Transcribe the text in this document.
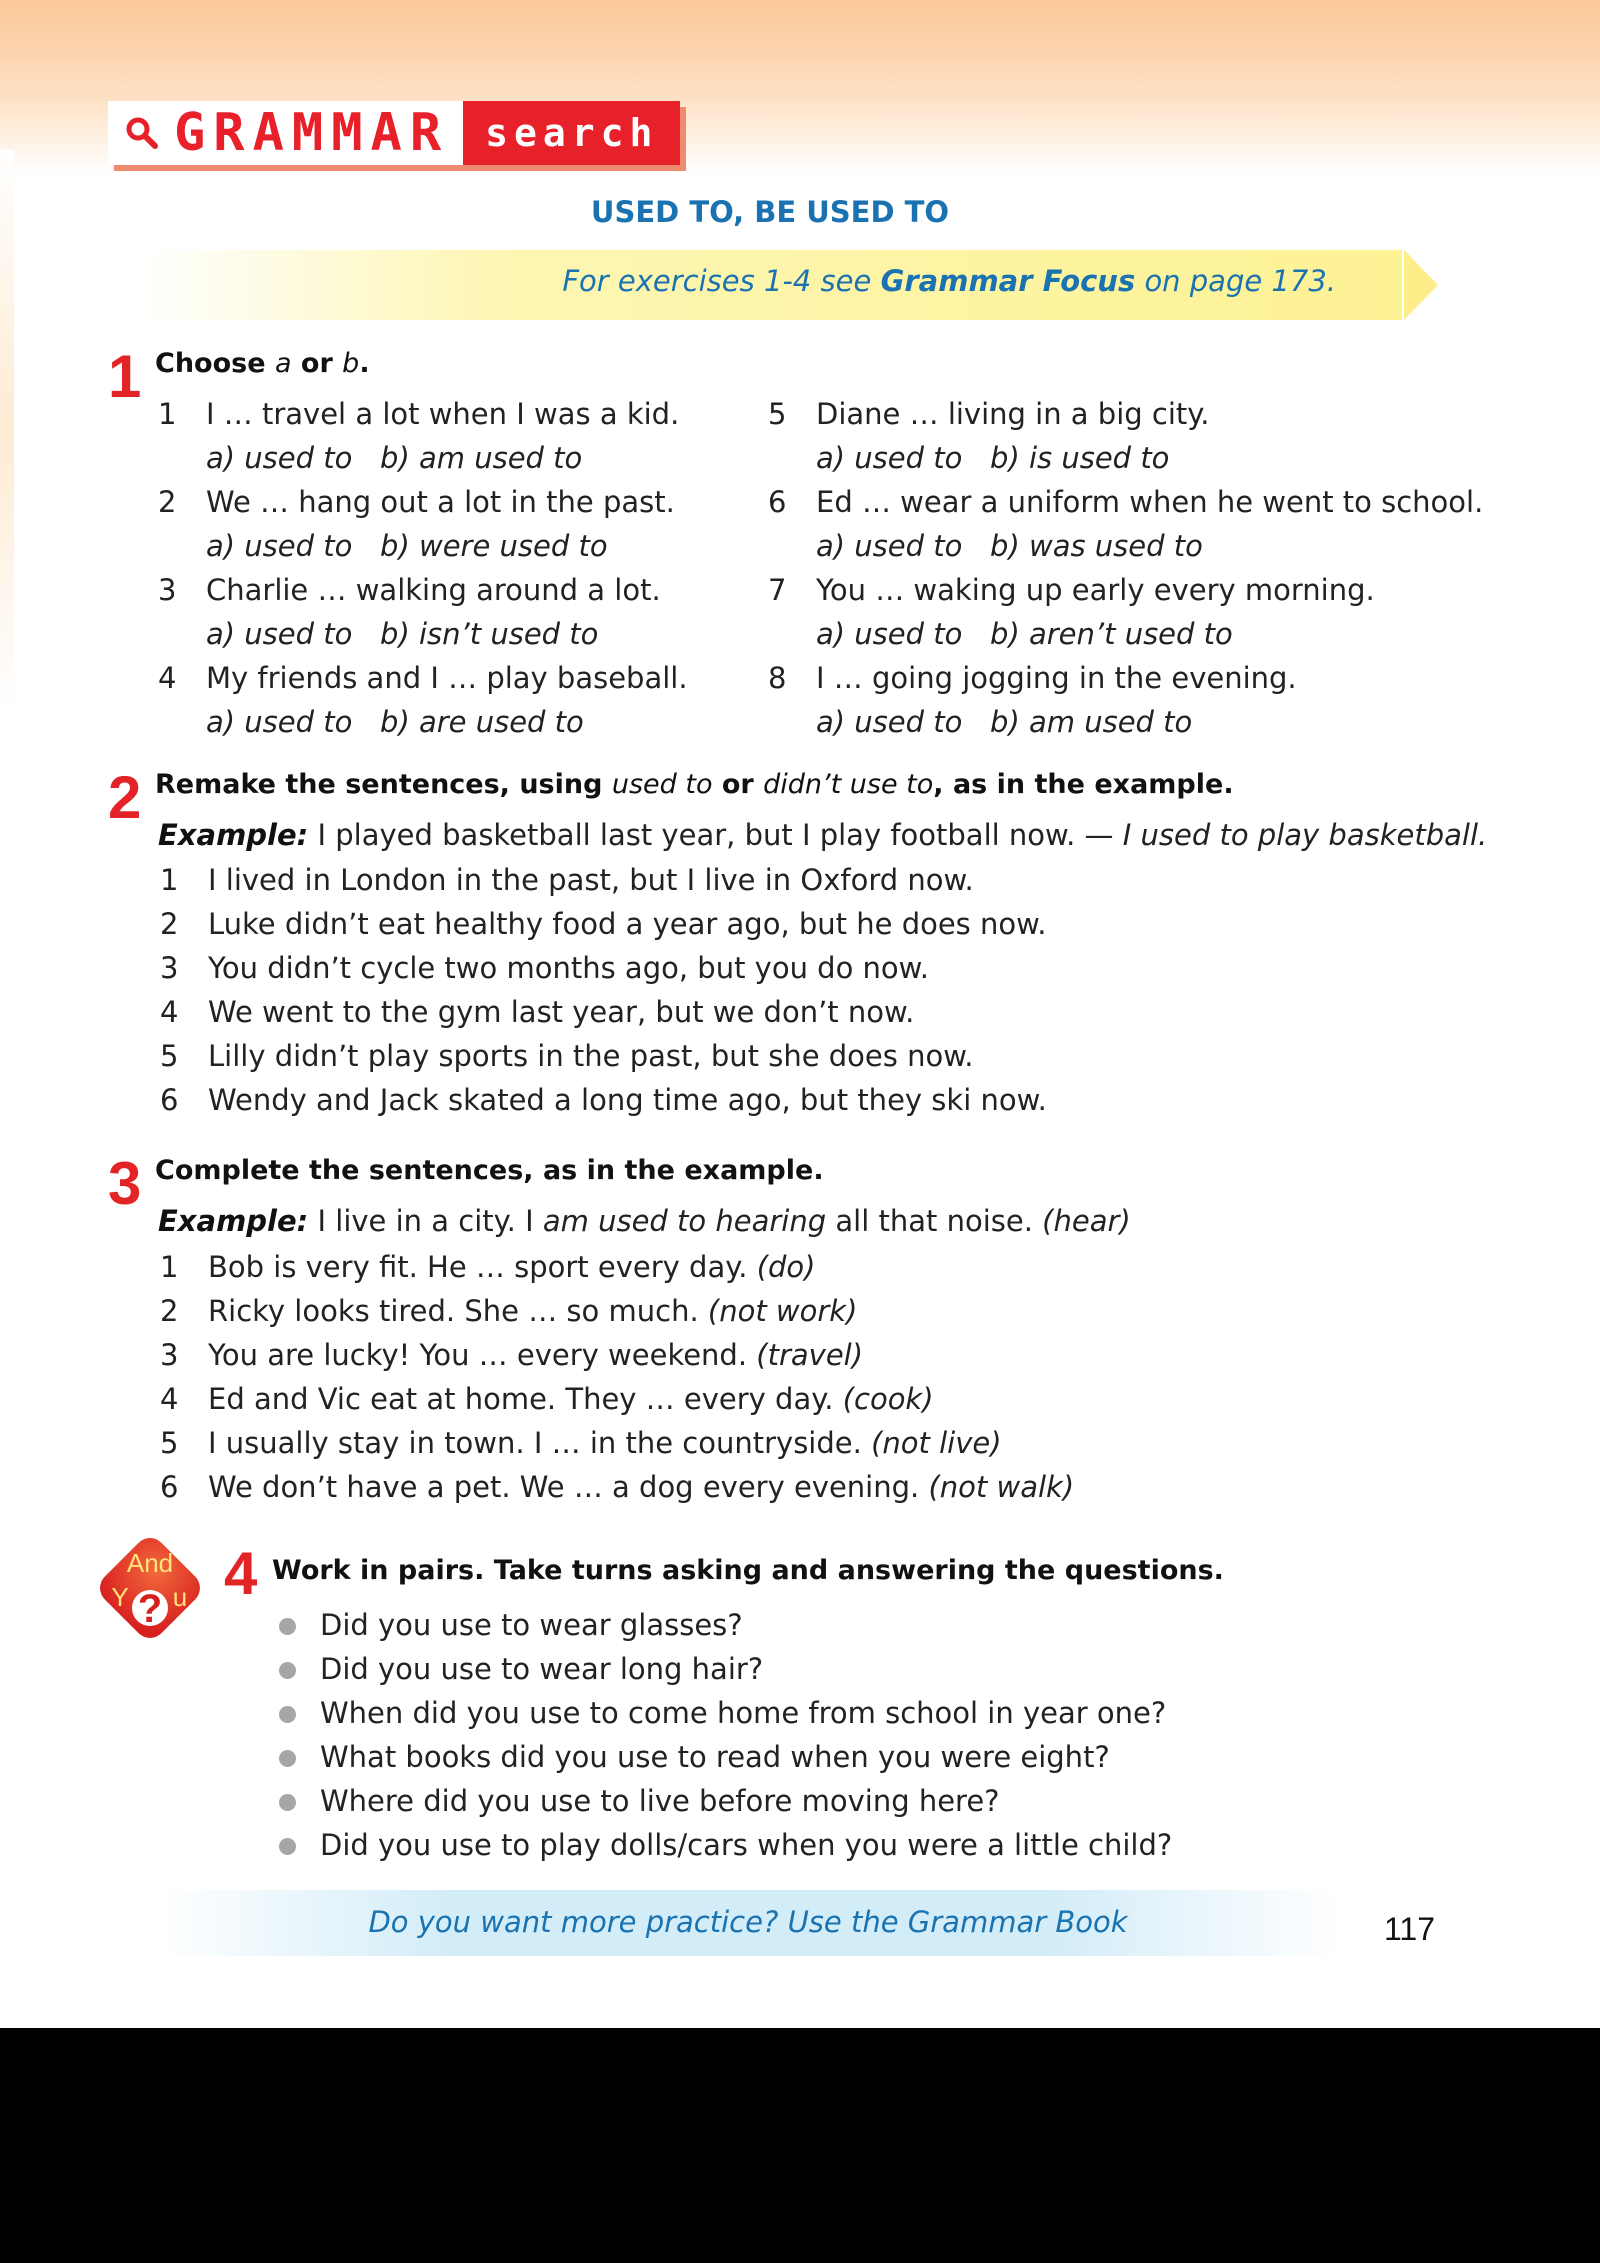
GRAMMAR search
USED TO, BE USED TO
For exercises 1-4 see Grammar Focus on page 173.
1 Choose a or b.
1 I … travel a lot when I was a kid.
a) used to b) am used to
2 We … hang out a lot in the past.
a) used to b) were used to
3 Charlie … walking around a lot.
a) used to b) isn’t used to
4 My friends and I … play baseball.
a) used to b) are used to
5 Diane … living in a big city.
a) used to b) is used to
6 Ed … wear a uniform when he went to school.
a) used to b) was used to
7 You … waking up early every morning.
a) used to b) aren’t used to
8 I … going jogging in the evening.
a) used to b) am used to
2 Remake the sentences, using used to or didn’t use to, as in the example.
Example: I played basketball last year, but I play football now. — I used to play basketball.
1 I lived in London in the past, but I live in Oxford now.
2 Luke didn’t eat healthy food a year ago, but he does now.
3 You didn’t cycle two months ago, but you do now.
4 We went to the gym last year, but we don’t now.
5 Lilly didn’t play sports in the past, but she does now.
6 Wendy and Jack skated a long time ago, but they ski now.
3 Complete the sentences, as in the example.
Example: I live in a city. I am used to hearing all that noise. (hear)
1 Bob is very fit. He … sport every day. (do)
2 Ricky looks tired. She … so much. (not work)
3 You are lucky! You … every weekend. (travel)
4 Ed and Vic eat at home. They … every day. (cook)
5 I usually stay in town. I … in the countryside. (not live)
6 We don’t have a pet. We … a dog every evening. (not walk)
And
Y ? u 4 Work in pairs. Take turns asking and answering the questions.
Did you use to wear glasses?
Did you use to wear long hair?
When did you use to come home from school in year one?
What books did you use to read when you were eight?
Where did you use to live before moving here?
Did you use to play dolls/cars when you were a little child?
Do you want more practice? Use the Grammar Book	117
